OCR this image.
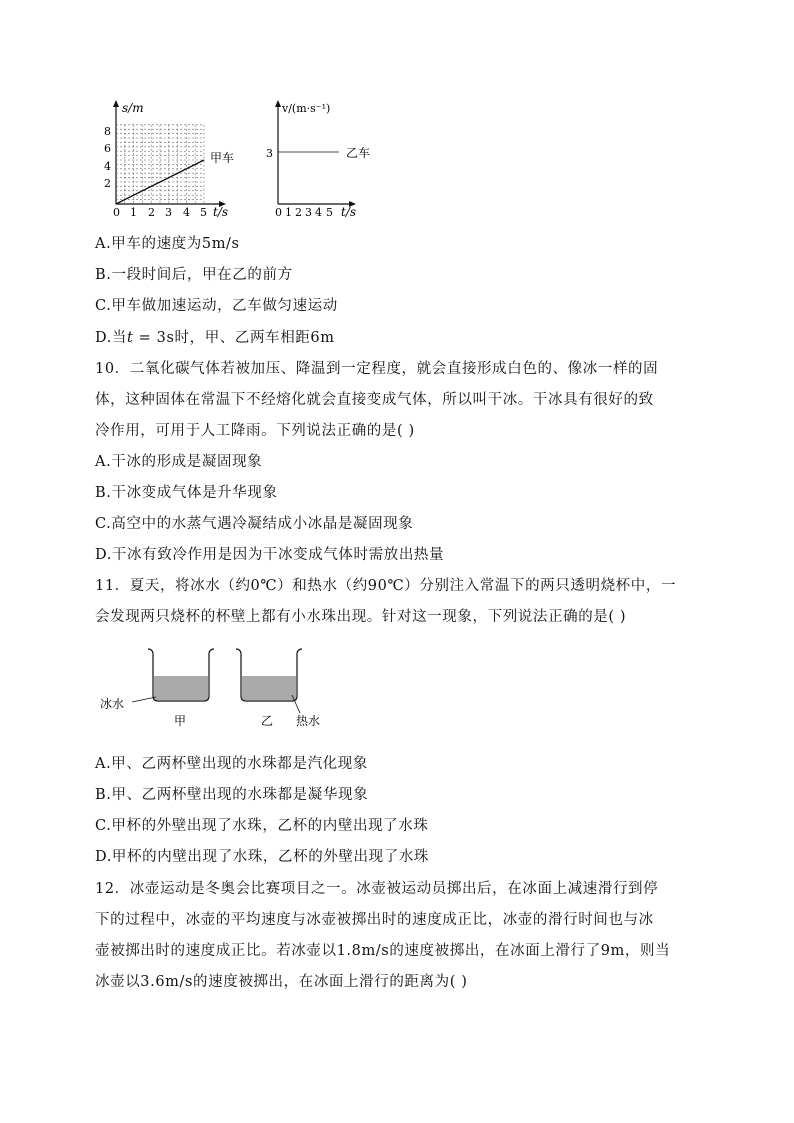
s/m
8
6
4
2
0 1 2 3 4 5 t/s
甲车
v/(m·s⁻¹)
3	乙车
0 1 2 3 4 5 t/s
A.甲车的速度为5m/s
B.一段时间后，甲在乙的前方
C.甲车做加速运动，乙车做匀速运动
D.当t = 3s时，甲、乙两车相距6m
10．二氧化碳气体若被加压、降温到一定程度，就会直接形成白色的、像冰一样的固
体，这种固体在常温下不经熔化就会直接变成气体，所以叫干冰。干冰具有很好的致
冷作用，可用于人工降雨。下列说法正确的是( )
A.干冰的形成是凝固现象
B.干冰变成气体是升华现象
C.高空中的水蒸气遇冷凝结成小冰晶是凝固现象
D.干冰有致冷作用是因为干冰变成气体时需放出热量
11．夏天，将冰水（约0℃）和热水（约90℃）分别注入常温下的两只透明烧杯中，一
会发现两只烧杯的杯壁上都有小水珠出现。针对这一现象，下列说法正确的是( )
冰水
甲	乙 热水
A.甲、乙两杯壁出现的水珠都是汽化现象
B.甲、乙两杯壁出现的水珠都是凝华现象
C.甲杯的外壁出现了水珠，乙杯的内壁出现了水珠
D.甲杯的内壁出现了水珠，乙杯的外壁出现了水珠
12．冰壶运动是冬奥会比赛项目之一。冰壶被运动员掷出后，在冰面上减速滑行到停
下的过程中，冰壶的平均速度与冰壶被掷出时的速度成正比，冰壶的滑行时间也与冰
壶被掷出时的速度成正比。若冰壶以1.8m/s的速度被掷出，在冰面上滑行了9m，则当
冰壶以3.6m/s的速度被掷出，在冰面上滑行的距离为( )
